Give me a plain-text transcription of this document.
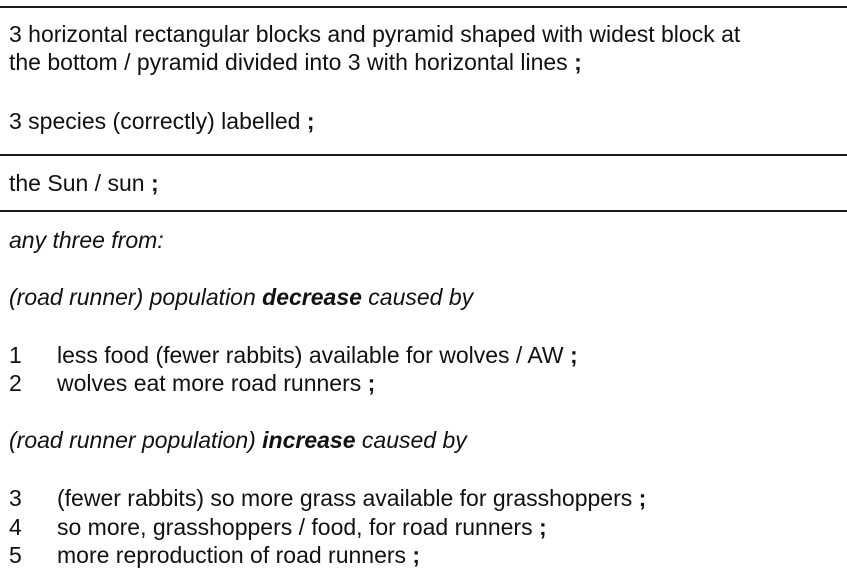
3 horizontal rectangular blocks and pyramid shaped with widest block at
the bottom / pyramid divided into 3 with horizontal lines ;
3 species (correctly) labelled ;
the Sun / sun ;
any three from:
(road runner) population decrease caused by
1 less food (fewer rabbits) available for wolves / AW ;
2 wolves eat more road runners ;
(road runner population) increase caused by
3 (fewer rabbits) so more grass available for grasshoppers ;
4 so more, grasshoppers / food, for road runners ;
5 more reproduction of road runners ;
